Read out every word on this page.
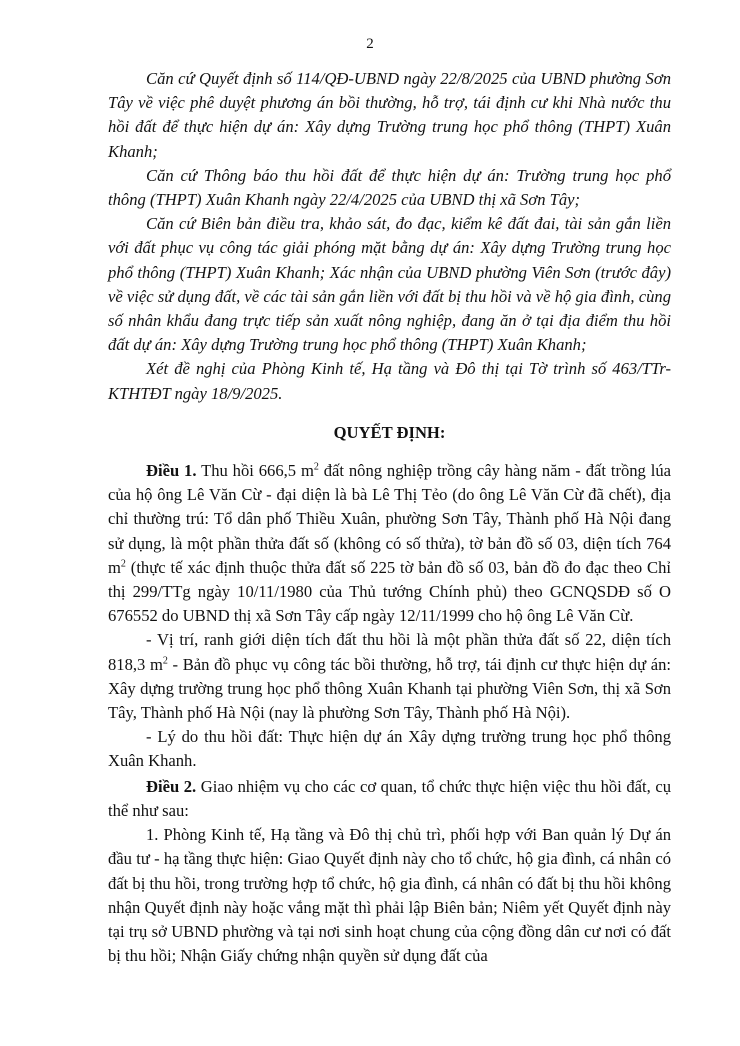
2

Căn cứ Quyết định số 114/QĐ-UBND ngày 22/8/2025 của UBND phường Sơn Tây về việc phê duyệt phương án bồi thường, hỗ trợ, tái định cư khi Nhà nước thu hồi đất để thực hiện dự án: Xây dựng Trường trung học phổ thông (THPT) Xuân Khanh;

Căn cứ Thông báo thu hồi đất để thực hiện dự án: Trường trung học phổ thông (THPT) Xuân Khanh ngày 22/4/2025 của UBND thị xã Sơn Tây;

Căn cứ Biên bản điều tra, khảo sát, đo đạc, kiểm kê đất đai, tài sản gắn liền với đất phục vụ công tác giải phóng mặt bằng dự án: Xây dựng Trường trung học phổ thông (THPT) Xuân Khanh; Xác nhận của UBND phường Viên Sơn (trước đây) về việc sử dụng đất, về các tài sản gắn liền với đất bị thu hồi và về hộ gia đình, cùng số nhân khẩu đang trực tiếp sản xuất nông nghiệp, đang ăn ở tại địa điểm thu hồi đất dự án: Xây dựng Trường trung học phổ thông (THPT) Xuân Khanh;

Xét đề nghị của Phòng Kinh tế, Hạ tầng và Đô thị tại Tờ trình số 463/TTr-KTHTĐT ngày 18/9/2025.

QUYẾT ĐỊNH:

Điều 1. Thu hồi 666,5 $m^2$ đất nông nghiệp trồng cây hàng năm - đất trồng lúa của hộ ông Lê Văn Cừ - đại diện là bà Lê Thị Tẻo (do ông Lê Văn Cừ đã chết), địa chỉ thường trú: Tổ dân phố Thiều Xuân, phường Sơn Tây, Thành phố Hà Nội đang sử dụng, là một phần thửa đất số (không có số thửa), tờ bản đồ số 03, diện tích 764 $m^2$ (thực tế xác định thuộc thửa đất số 225 tờ bản đồ số 03, bản đồ đo đạc theo Chỉ thị 299/TTg ngày 10/11/1980 của Thủ tướng Chính phủ) theo GCNQSDĐ số O 676552 do UBND thị xã Sơn Tây cấp ngày 12/11/1999 cho hộ ông Lê Văn Cừ.

- Vị trí, ranh giới diện tích đất thu hồi là một phần thửa đất số 22, diện tích 818,3 $m^2$ - Bản đồ phục vụ công tác bồi thường, hỗ trợ, tái định cư thực hiện dự án: Xây dựng trường trung học phổ thông Xuân Khanh tại phường Viên Sơn, thị xã Sơn Tây, Thành phố Hà Nội (nay là phường Sơn Tây, Thành phố Hà Nội).

- Lý do thu hồi đất: Thực hiện dự án Xây dựng trường trung học phổ thông Xuân Khanh.

Điều 2. Giao nhiệm vụ cho các cơ quan, tổ chức thực hiện việc thu hồi đất, cụ thể như sau:

1. Phòng Kinh tế, Hạ tầng và Đô thị chủ trì, phối hợp với Ban quản lý Dự án đầu tư - hạ tầng thực hiện: Giao Quyết định này cho tổ chức, hộ gia đình, cá nhân có đất bị thu hồi, trong trường hợp tổ chức, hộ gia đình, cá nhân có đất bị thu hồi không nhận Quyết định này hoặc vắng mặt thì phải lập Biên bản; Niêm yết Quyết định này tại trụ sở UBND phường và tại nơi sinh hoạt chung của cộng đồng dân cư nơi có đất bị thu hồi; Nhận Giấy chứng nhận quyền sử dụng đất của
